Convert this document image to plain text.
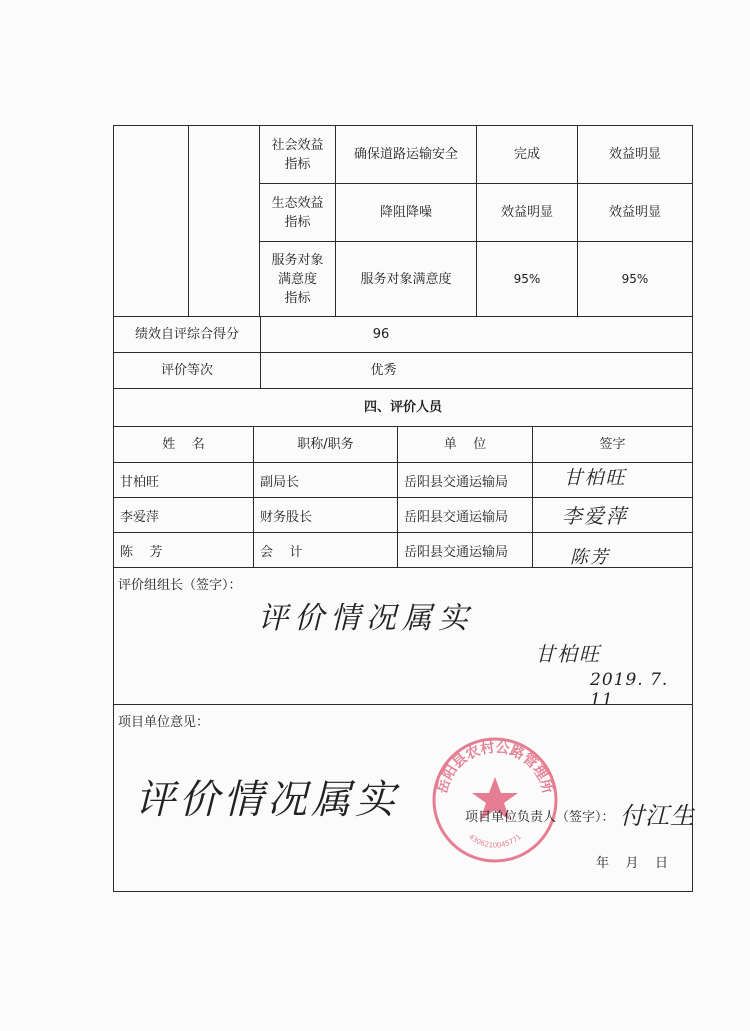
社会效益
指标
确保道路运输安全	完成	效益明显
生态效益
指标
降阻降噪	效益明显	效益明显
服务对象
满意度
指标
服务对象满意度	95%	95%
绩效自评综合得分	96
评价等次	优秀
四、评价人员
姓    名	职称/职务	单    位	签字
甘柏旺	副局长	岳阳县交通运输局	甘柏旺
李爱萍	财务股长	岳阳县交通运输局	李爱萍
陈    芳	会    计	岳阳县交通运输局	陈芳
评价组组长（签字）：
评价情况属实
甘柏旺
2019. 7. 11
项目单位意见：
评价情况属实	岳阳县农村公路管理所
4306210045771
项目单位负责人（签字）： 付江生
年    月    日
